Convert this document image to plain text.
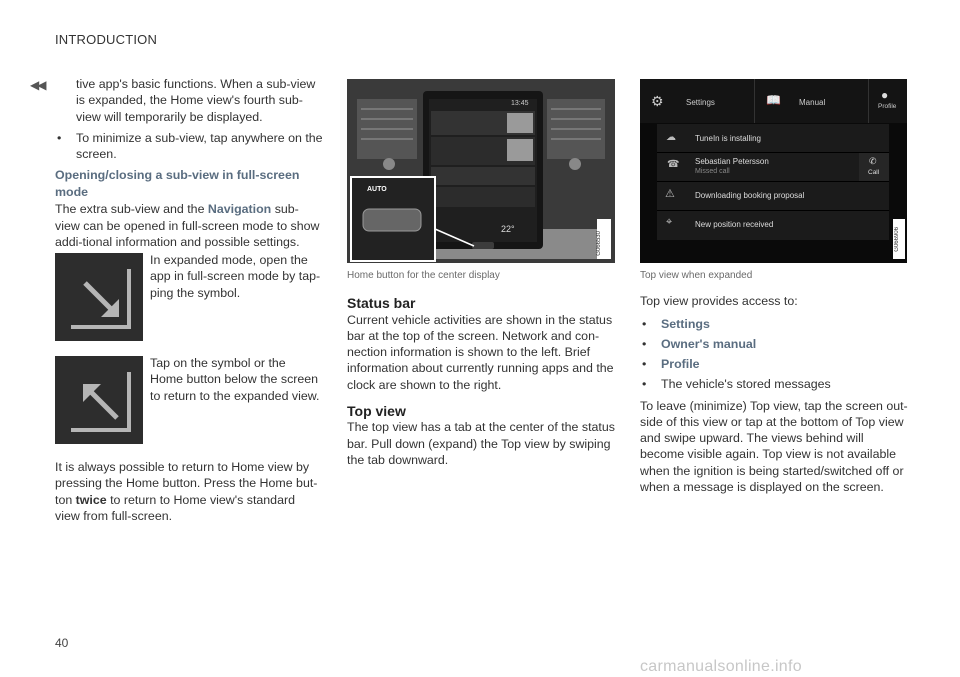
INTRODUCTION
◀◀	tive app's basic functions. When a sub-view is expanded, the Home view's fourth sub-view will temporarily be displayed.

• To minimize a sub-view, tap anywhere on the screen.

Opening/closing a sub-view in full-screen mode

The extra sub-view and the Navigation sub-view can be opened in full-screen mode to show addi-tional information and possible settings.

In expanded mode, open the app in full-screen mode by tap-ping the symbol.

Tap on the symbol or the Home button below the screen to return to the expanded view.

It is always possible to return to Home view by pressing the Home button. Press the Home but-ton twice to return to Home view's standard view from full-screen.

AUTO
13:45
22°
G066530

Home button for the center display

Status bar

Current vehicle activities are shown in the status bar at the top of the screen. Network and con-nection information is shown to the left. Brief information about currently running apps and the clock are shown to the right.

Top view

The top view has a tab at the center of the status bar. Pull down (expand) the Top view by swiping the tab downward.

⚙	Settings	📖 Manual
●
Profile
☁ TuneIn is installing
☎ Sebastian Petersson
Missed call
✆
Call
⚠	Downloading booking proposal
⌖	New position received
G066906

Top view when expanded

Top view provides access to:

• Settings
• Owner's manual
• Profile
• The vehicle's stored messages

To leave (minimize) Top view, tap the screen out-side of this view or tap at the bottom of Top view and swipe upward. The views behind will become visible again. Top view is not available when the ignition is being started/switched off or when a message is displayed on the screen.

40
carmanualsonline.info
